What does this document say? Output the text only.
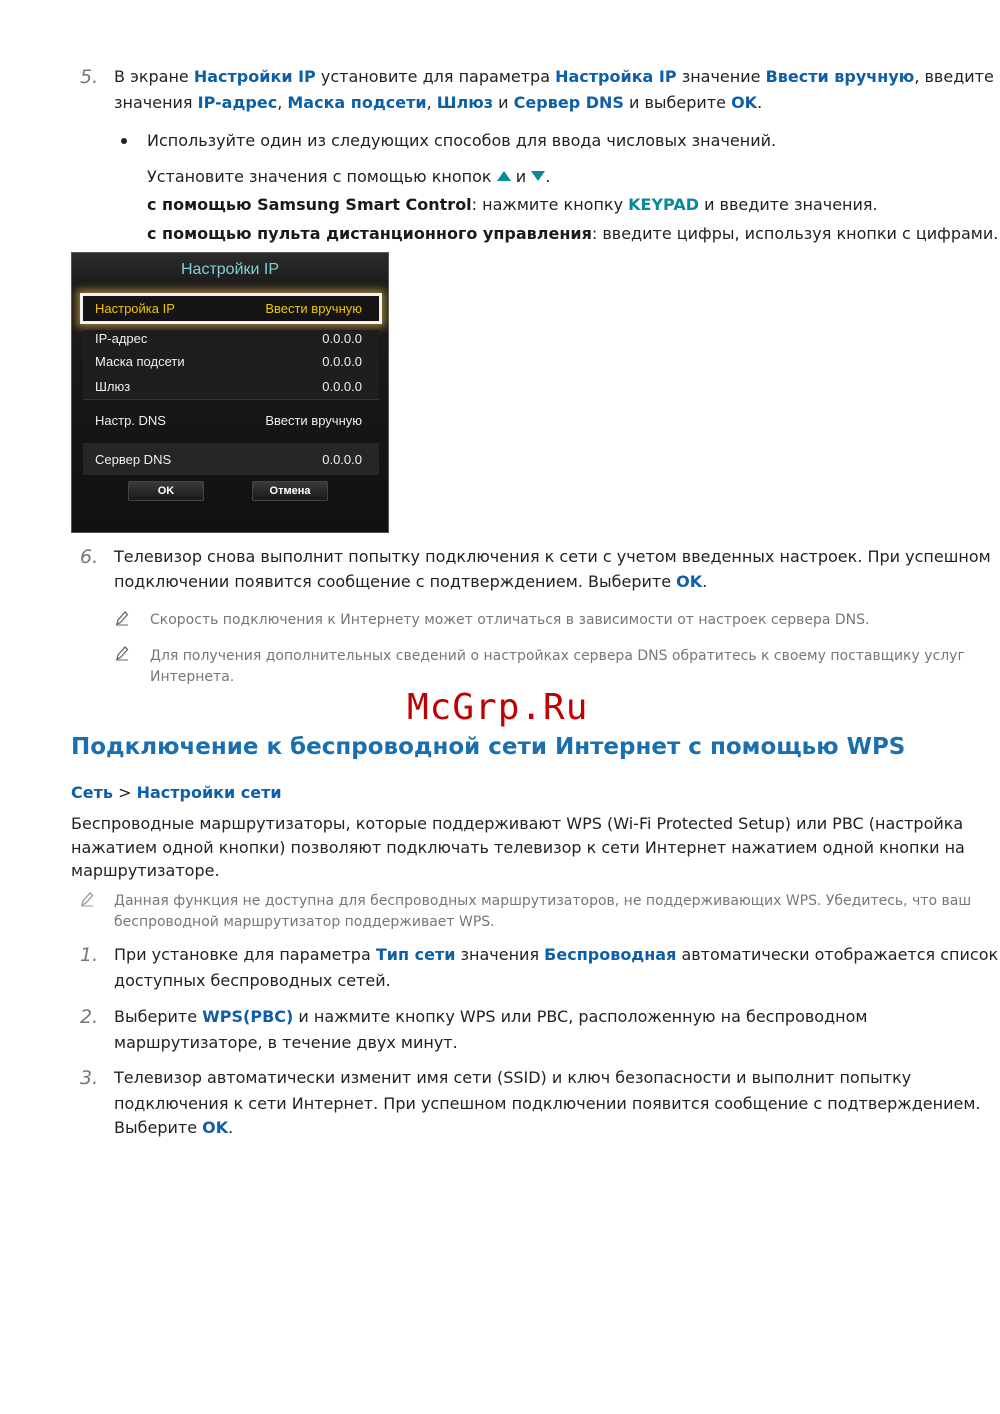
5. В экране Настройки IP установите для параметра Настройка IP значение Ввести вручную, введите
значения IP-адрес, Маска подсети, Шлюз и Сервер DNS и выберите OK.
Используйте один из следующих способов для ввода числовых значений.
Установите значения с помощью кнопок  и .
с помощью Samsung Smart Control: нажмите кнопку KEYPAD и введите значения.
с помощью пульта дистанционного управления: введите цифры, используя кнопки с цифрами.
Настройки IP
Настройка IP	Ввести вручную
IP-адрес	0.0.0.0
Маска подсети	0.0.0.0
Шлюз	0.0.0.0
Настр. DNS	Ввести вручную
Сервер DNS	0.0.0.0
OK	Отмена
6. Телевизор снова выполнит попытку подключения к сети с учетом введенных настроек. При успешном
подключении появится сообщение с подтверждением. Выберите OK.
Скорость подключения к Интернету может отличаться в зависимости от настроек сервера DNS.
Для получения дополнительных сведений о настройках сервера DNS обратитесь к своему поставщику услуг
Интернета.
McGrp.Ru
Подключение к беспроводной сети Интернет с помощью WPS
Сеть > Настройки сети
Беспроводные маршрутизаторы, которые поддерживают WPS (Wi-Fi Protected Setup) или PBC (настройка
нажатием одной кнопки) позволяют подключать телевизор к сети Интернет нажатием одной кнопки на
маршрутизаторе.
Данная функция не доступна для беспроводных маршрутизаторов, не поддерживающих WPS. Убедитесь, что ваш
беспроводной маршрутизатор поддерживает WPS.
1. При установке для параметра Тип сети значения Беспроводная автоматически отображается список
доступных беспроводных сетей.
2. Выберите WPS(PBC) и нажмите кнопку WPS или PBC, расположенную на беспроводном
маршрутизаторе, в течение двух минут.
3. Телевизор автоматически изменит имя сети (SSID) и ключ безопасности и выполнит попытку
подключения к сети Интернет. При успешном подключении появится сообщение с подтверждением.
Выберите OK.
